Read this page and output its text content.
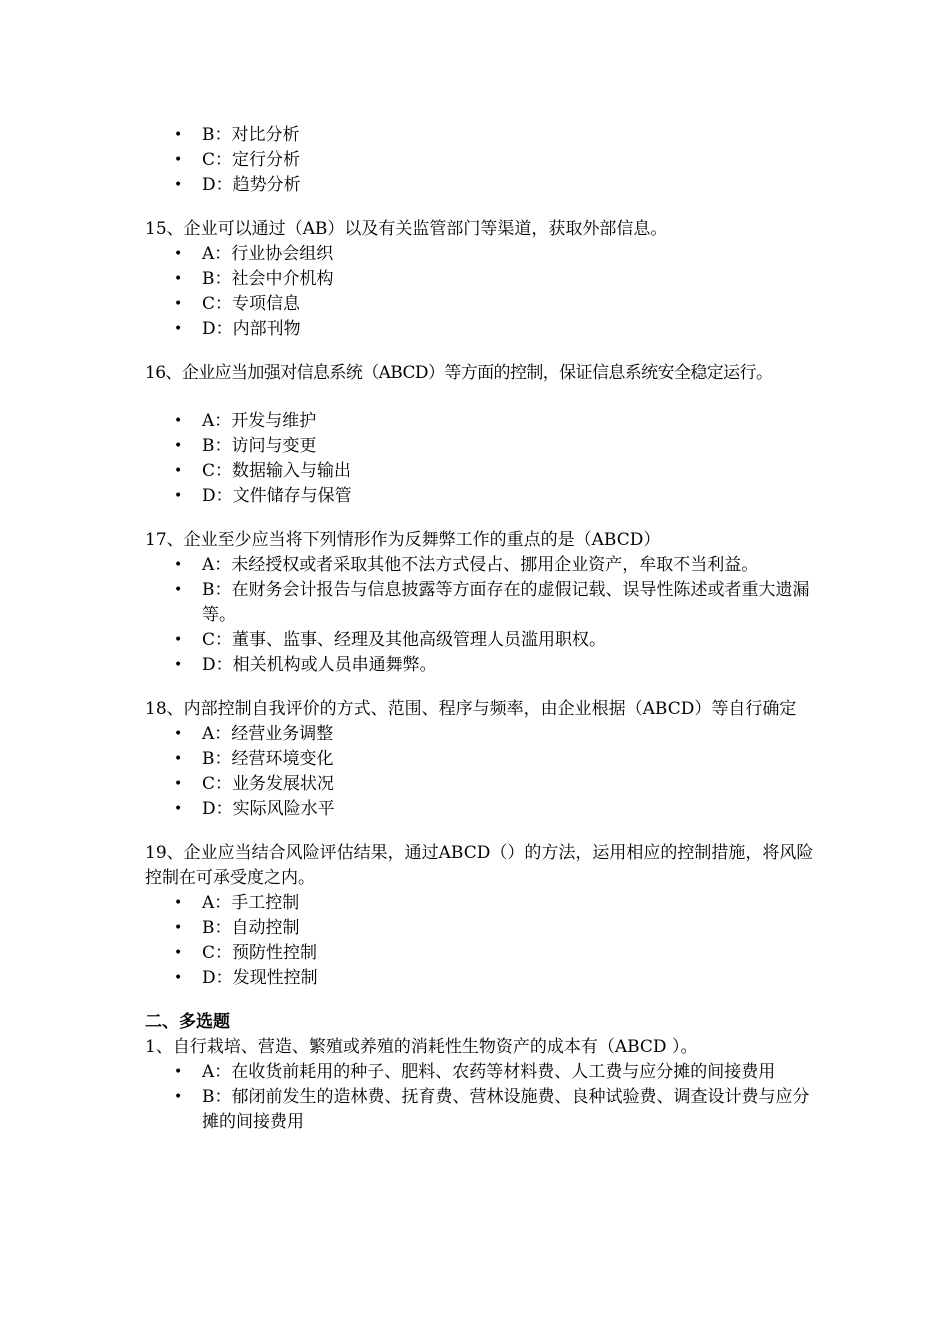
• B：对比分析
• C：定行分析
• D：趋势分析
15、企业可以通过（AB）以及有关监管部门等渠道，获取外部信息。
• A：行业协会组织
• B：社会中介机构
• C：专项信息
• D：内部刊物
16、企业应当加强对信息系统（ABCD）等方面的控制，保证信息系统安全稳定运行。
• A：开发与维护
• B：访问与变更
• C：数据输入与输出
• D：文件储存与保管
17、企业至少应当将下列情形作为反舞弊工作的重点的是（ABCD）
• A：未经授权或者采取其他不法方式侵占、挪用企业资产，牟取不当利益。
• B：在财务会计报告与信息披露等方面存在的虚假记载、误导性陈述或者重大遗漏等。
• C：董事、监事、经理及其他高级管理人员滥用职权。
• D：相关机构或人员串通舞弊。
18、内部控制自我评价的方式、范围、程序与频率，由企业根据（ABCD）等自行确定
• A：经营业务调整
• B：经营环境变化
• C：业务发展状况
• D：实际风险水平
19、企业应当结合风险评估结果，通过ABCD（）的方法，运用相应的控制措施，将风险控制在可承受度之内。
• A：手工控制
• B：自动控制
• C：预防性控制
• D：发现性控制
二、多选题
1、自行栽培、营造、繁殖或养殖的消耗性生物资产的成本有（ABCD ）。
• A：在收货前耗用的种子、肥料、农药等材料费、人工费与应分摊的间接费用
• B：郁闭前发生的造林费、抚育费、营林设施费、良种试验费、调查设计费与应分摊的间接费用
